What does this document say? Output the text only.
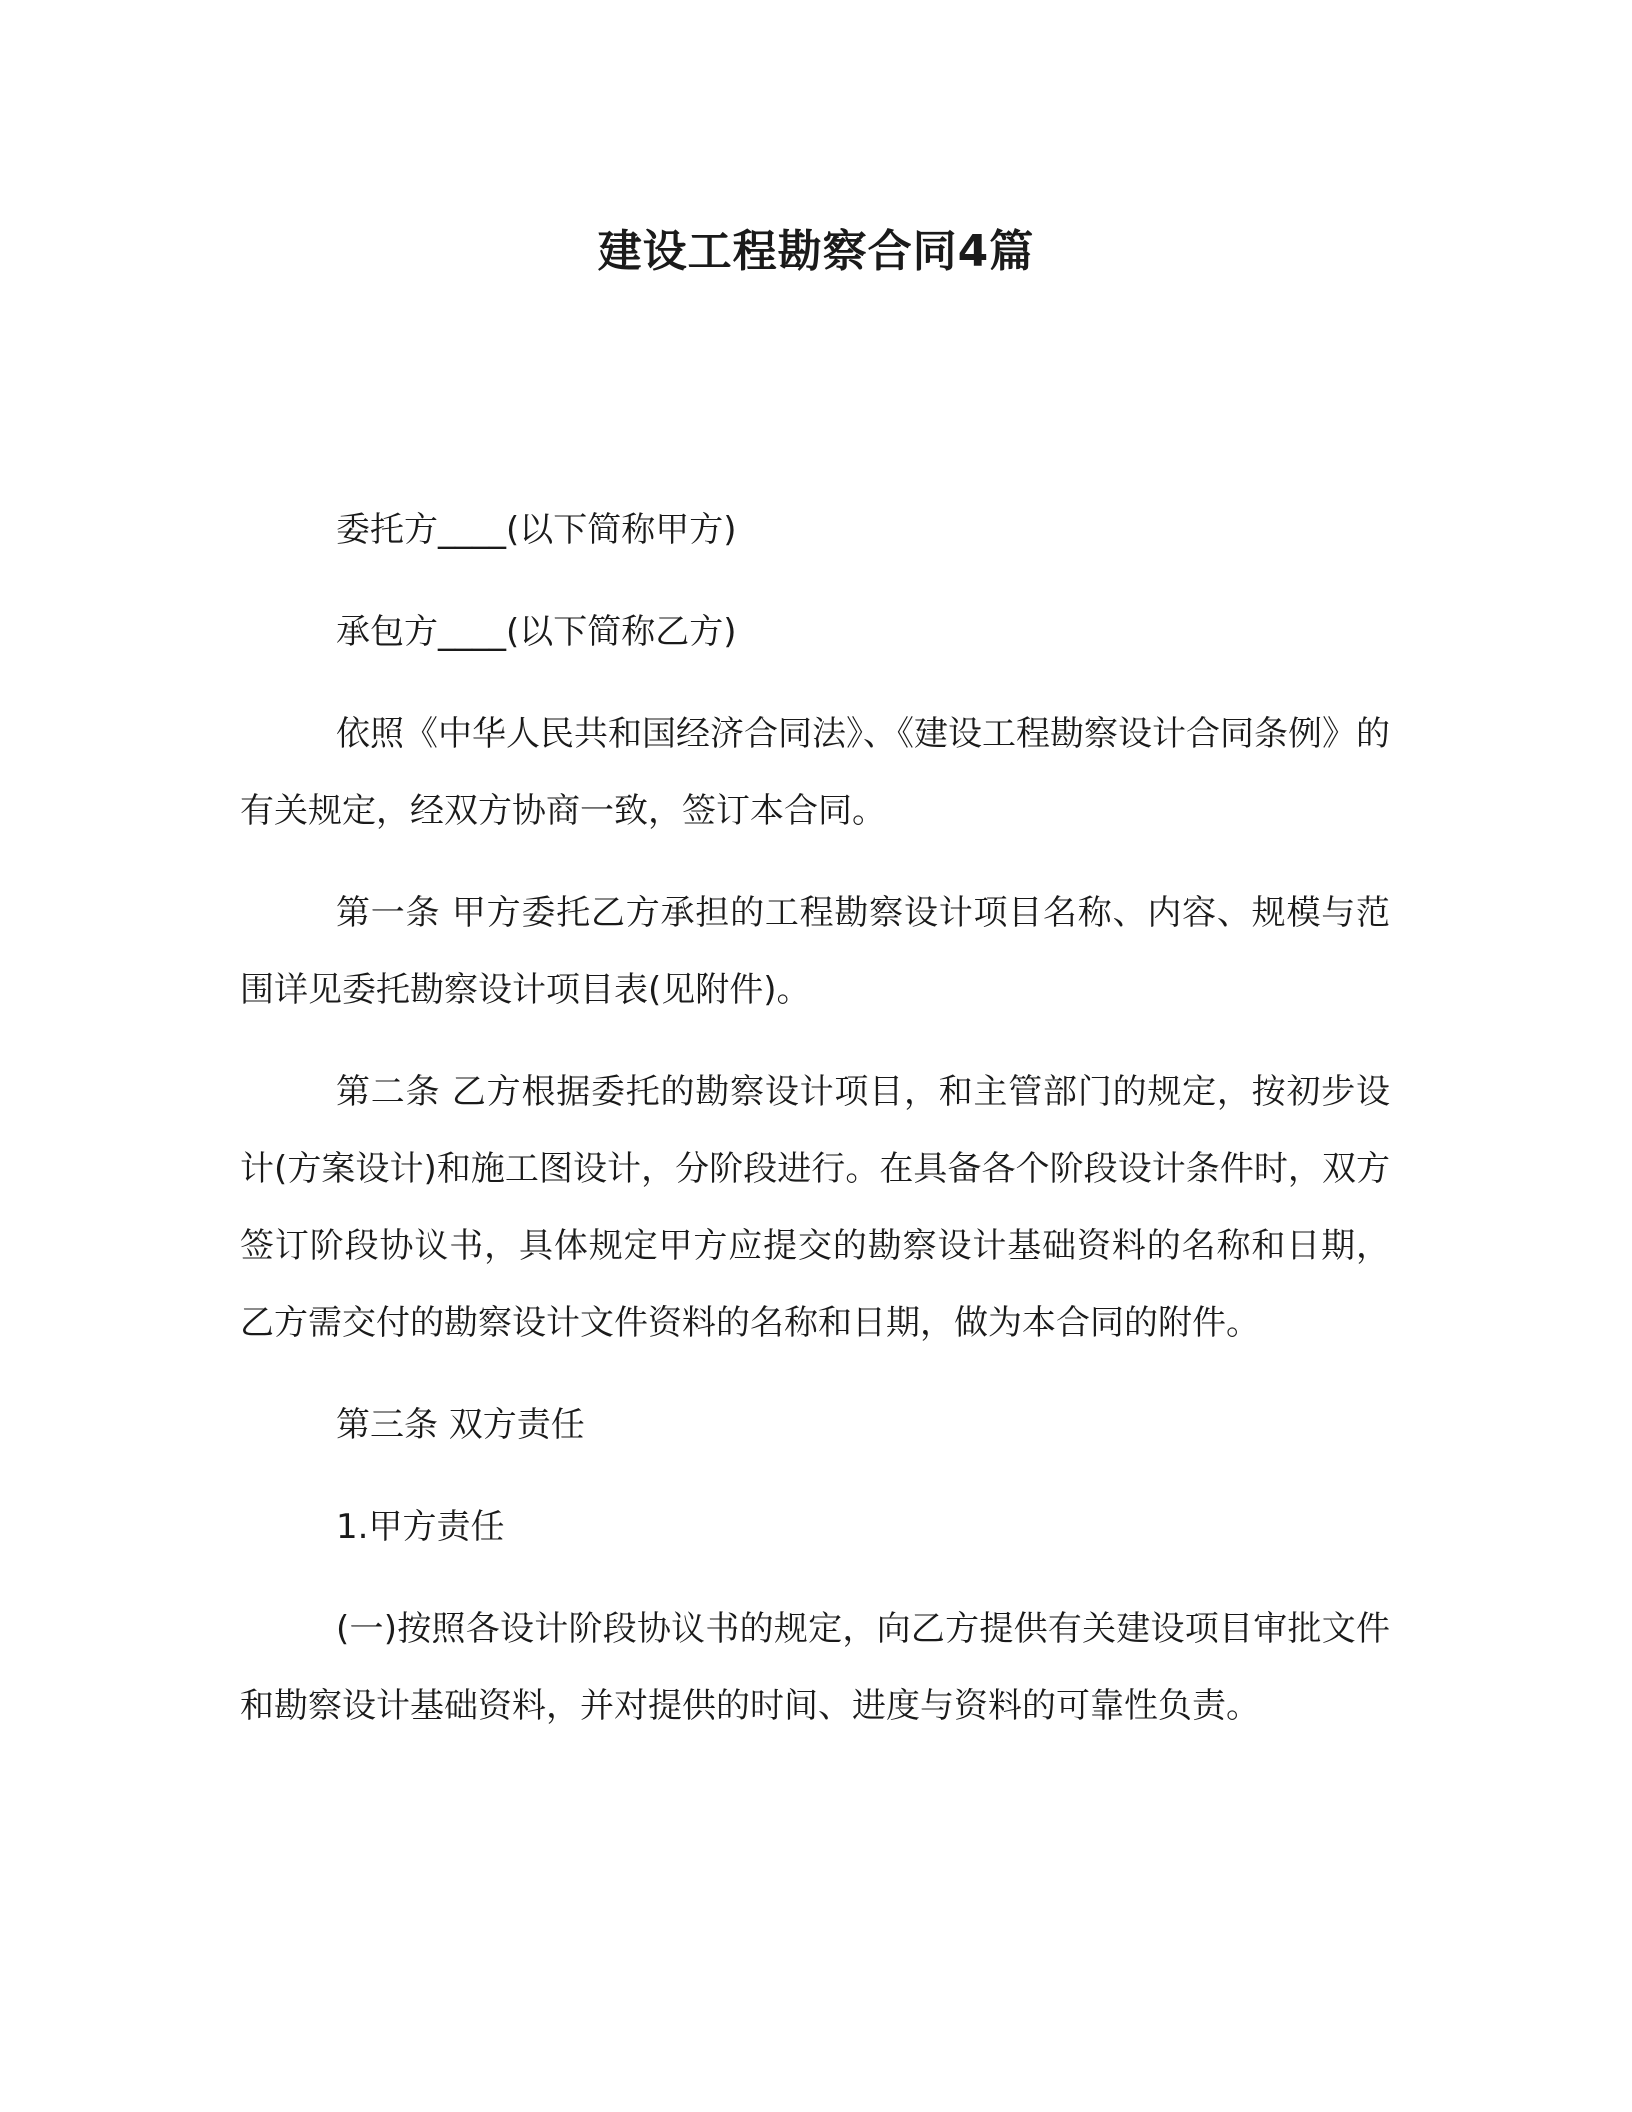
建设工程勘察合同4篇

委托方____(以下简称甲方)

承包方____(以下简称乙方)

依照《中华人民共和国经济合同法》、《建设工程勘察设计合同条例》的有关规定，经双方协商一致，签订本合同。

第一条 甲方委托乙方承担的工程勘察设计项目名称、内容、规模与范围详见委托勘察设计项目表(见附件)。

第二条 乙方根据委托的勘察设计项目，和主管部门的规定，按初步设计(方案设计)和施工图设计，分阶段进行。在具备各个阶段设计条件时，双方签订阶段协议书，具体规定甲方应提交的勘察设计基础资料的名称和日期，乙方需交付的勘察设计文件资料的名称和日期，做为本合同的附件。

第三条 双方责任

1.甲方责任

(一)按照各设计阶段协议书的规定，向乙方提供有关建设项目审批文件和勘察设计基础资料，并对提供的时间、进度与资料的可靠性负责。
